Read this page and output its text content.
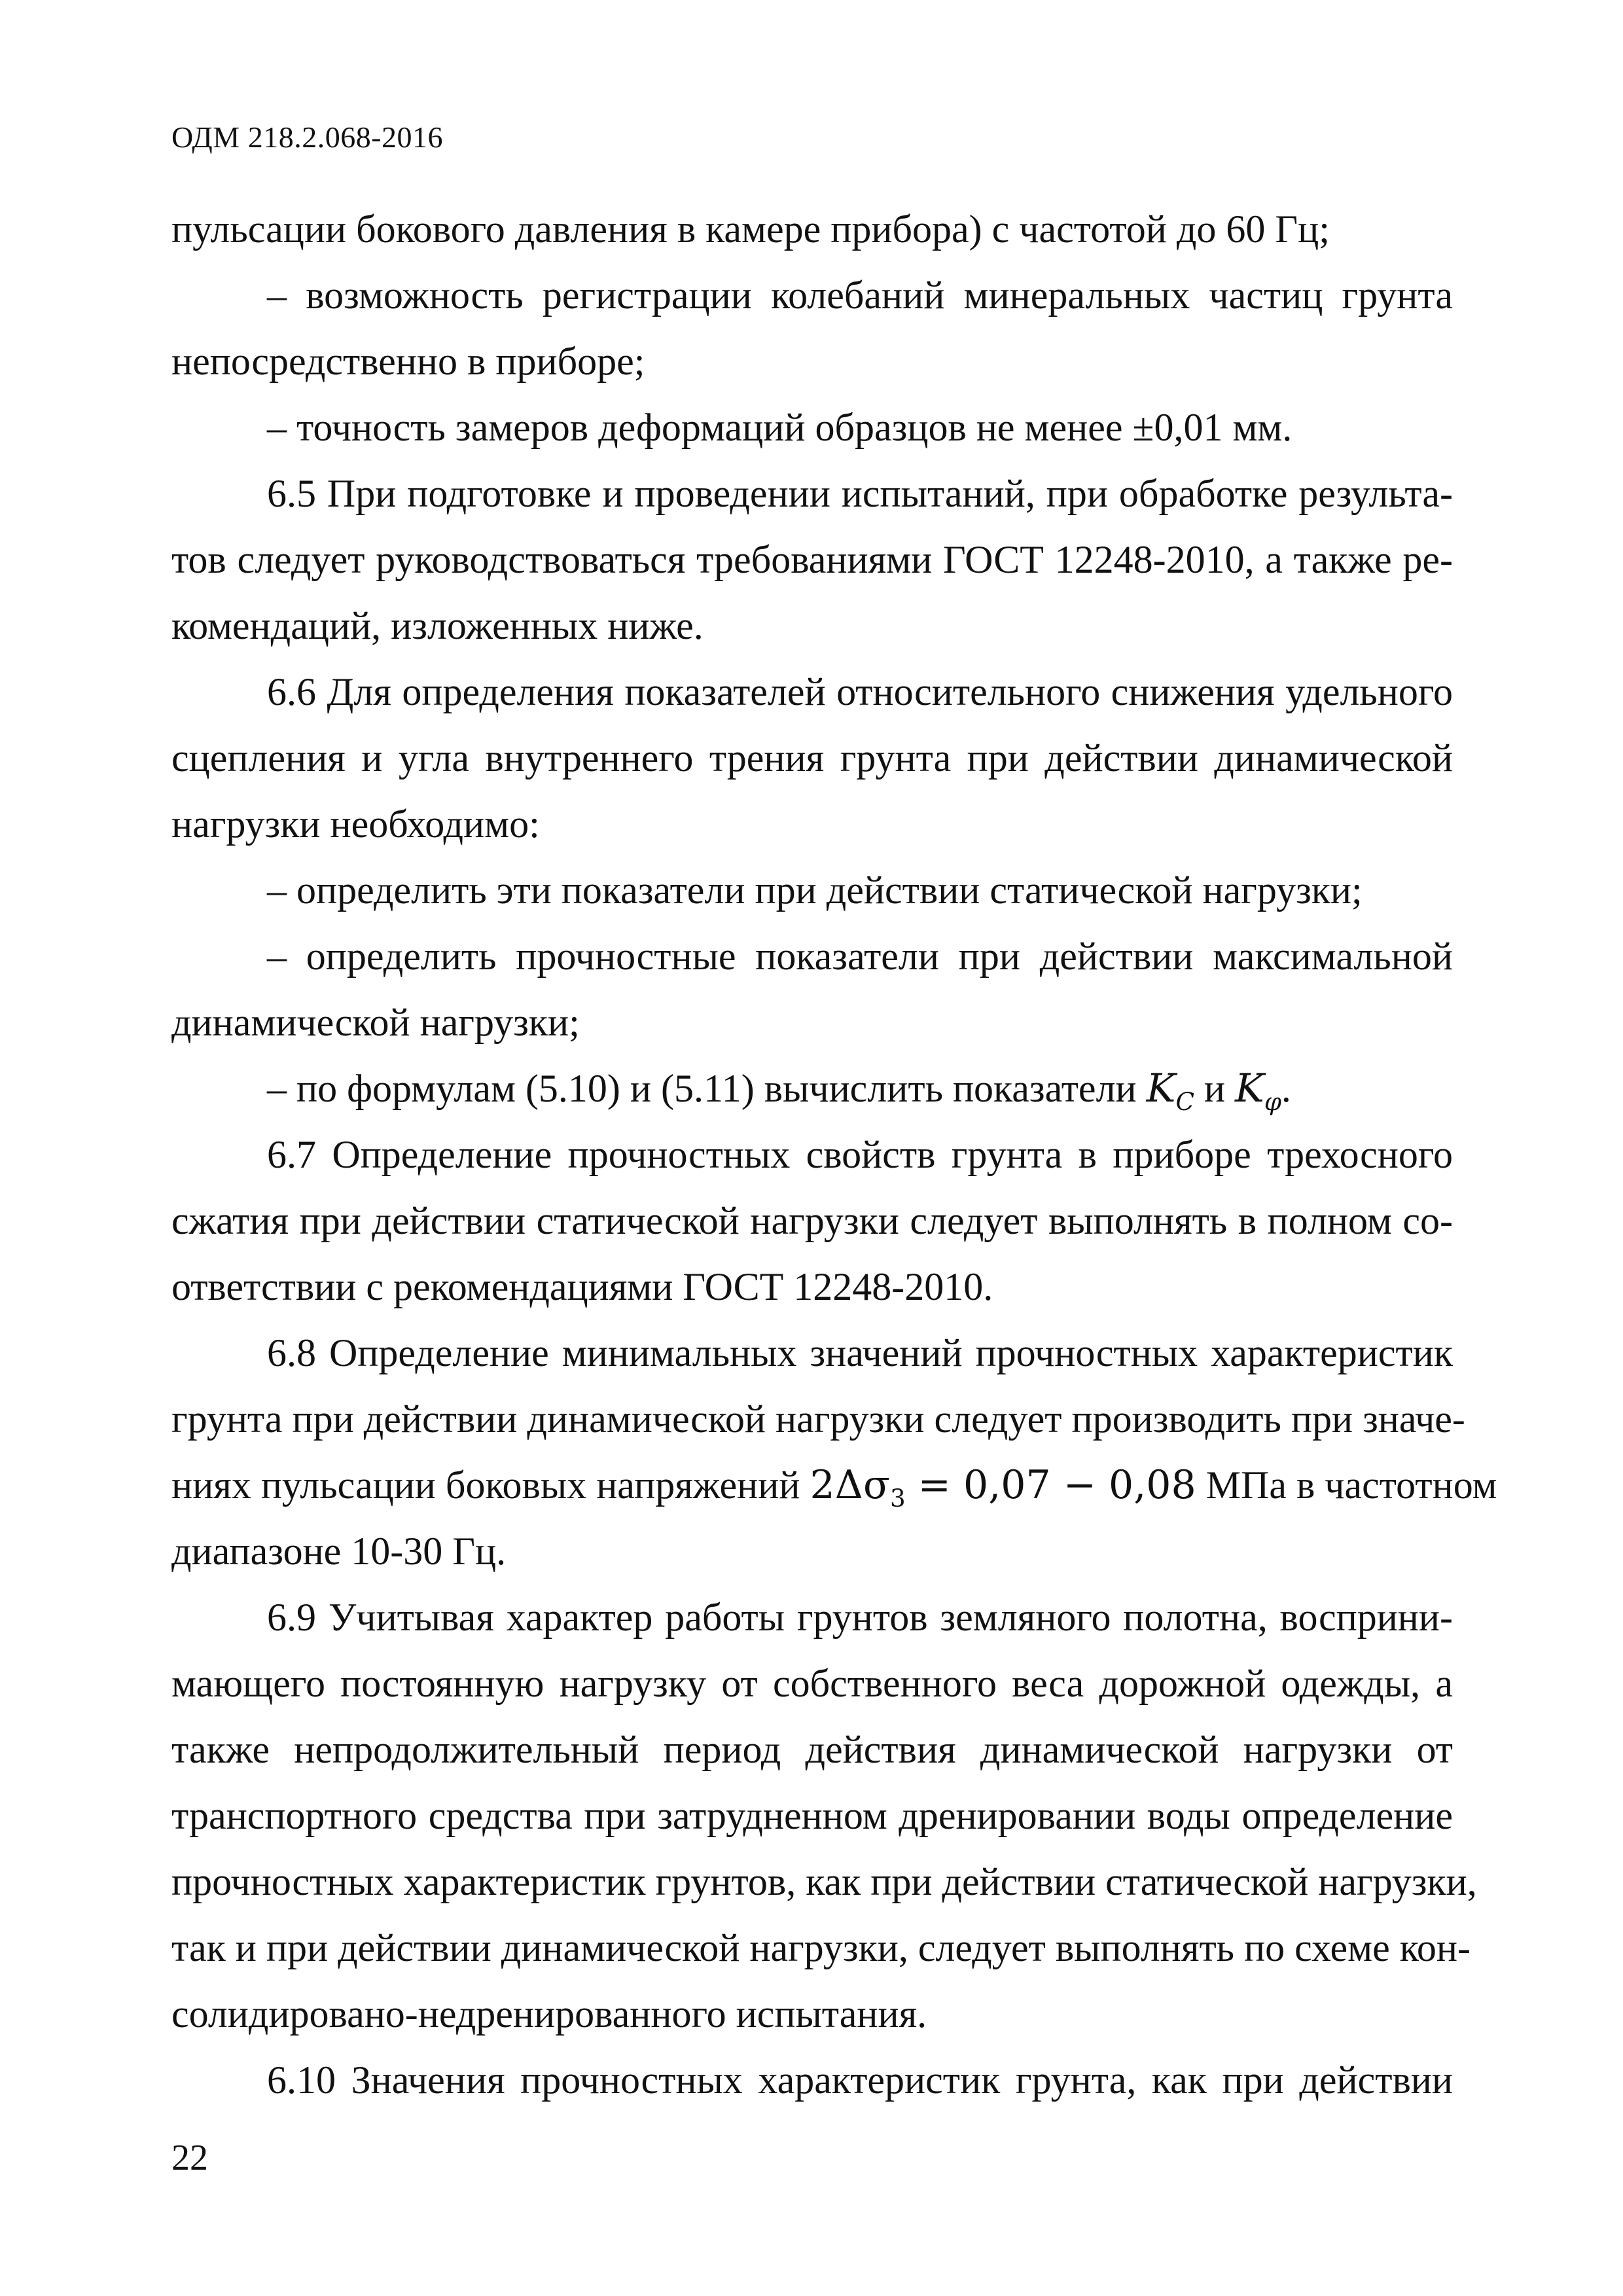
ОДМ 218.2.068-2016
пульсации бокового давления в камере прибора) с частотой до 60 Гц;
– возможность регистрации колебаний минеральных частиц грунта
непосредственно в приборе;
– точность замеров деформаций образцов не менее ±0,01 мм.
6.5 При подготовке и проведении испытаний, при обработке результа-
тов следует руководствоваться требованиями ГОСТ 12248-2010, а также ре-
комендаций, изложенных ниже.
6.6 Для определения показателей относительного снижения удельного
сцепления и угла внутреннего трения грунта при действии динамической
нагрузки необходимо:
– определить эти показатели при действии статической нагрузки;
– определить прочностные показатели при действии максимальной
динамической нагрузки;
– по формулам (5.10) и (5.11) вычислить показатели $K_C$ и $K_\varphi$.
6.7 Определение прочностных свойств грунта в приборе трехосного
сжатия при действии статической нагрузки следует выполнять в полном со-
ответствии с рекомендациями ГОСТ 12248-2010.
6.8 Определение минимальных значений прочностных характеристик
грунта при действии динамической нагрузки следует производить при значе-
ниях пульсации боковых напряжений $2\Delta\sigma_3 = 0,07 - 0,08$ МПа в частотном
диапазоне 10-30 Гц.
6.9 Учитывая характер работы грунтов земляного полотна, восприни-
мающего постоянную нагрузку от собственного веса дорожной одежды, а
также непродолжительный период действия динамической нагрузки от
транспортного средства при затрудненном дренировании воды определение
прочностных характеристик грунтов, как при действии статической нагрузки,
так и при действии динамической нагрузки, следует выполнять по схеме кон-
солидировано-недренированного испытания.
6.10 Значения прочностных характеристик грунта, как при действии
22
